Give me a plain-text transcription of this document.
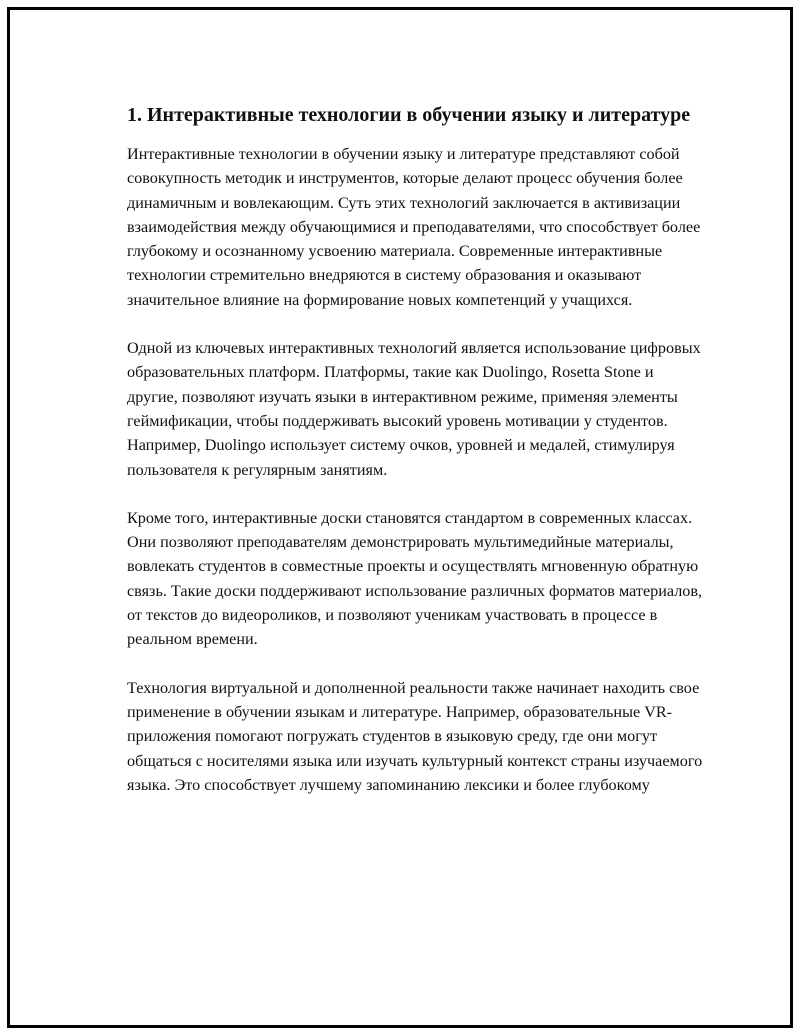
1. Интерактивные технологии в обучении языку и литературе

Интерактивные технологии в обучении языку и литературе представляют собой совокупность методик и инструментов, которые делают процесс обучения более динамичным и вовлекающим. Суть этих технологий заключается в активизации взаимодействия между обучающимися и преподавателями, что способствует более глубокому и осознанному усвоению материала. Современные интерактивные технологии стремительно внедряются в систему образования и оказывают значительное влияние на формирование новых компетенций у учащихся.

Одной из ключевых интерактивных технологий является использование цифровых образовательных платформ. Платформы, такие как Duolingo, Rosetta Stone и другие, позволяют изучать языки в интерактивном режиме, применяя элементы геймификации, чтобы поддерживать высокий уровень мотивации у студентов. Например, Duolingo использует систему очков, уровней и медалей, стимулируя пользователя к регулярным занятиям.

Кроме того, интерактивные доски становятся стандартом в современных классах. Они позволяют преподавателям демонстрировать мультимедийные материалы, вовлекать студентов в совместные проекты и осуществлять мгновенную обратную связь. Такие доски поддерживают использование различных форматов материалов, от текстов до видеороликов, и позволяют ученикам участвовать в процессе в реальном времени.

Технология виртуальной и дополненной реальности также начинает находить свое применение в обучении языкам и литературе. Например, образовательные VR-приложения помогают погружать студентов в языковую среду, где они могут общаться с носителями языка или изучать культурный контекст страны изучаемого языка. Это способствует лучшему запоминанию лексики и более глубокому
